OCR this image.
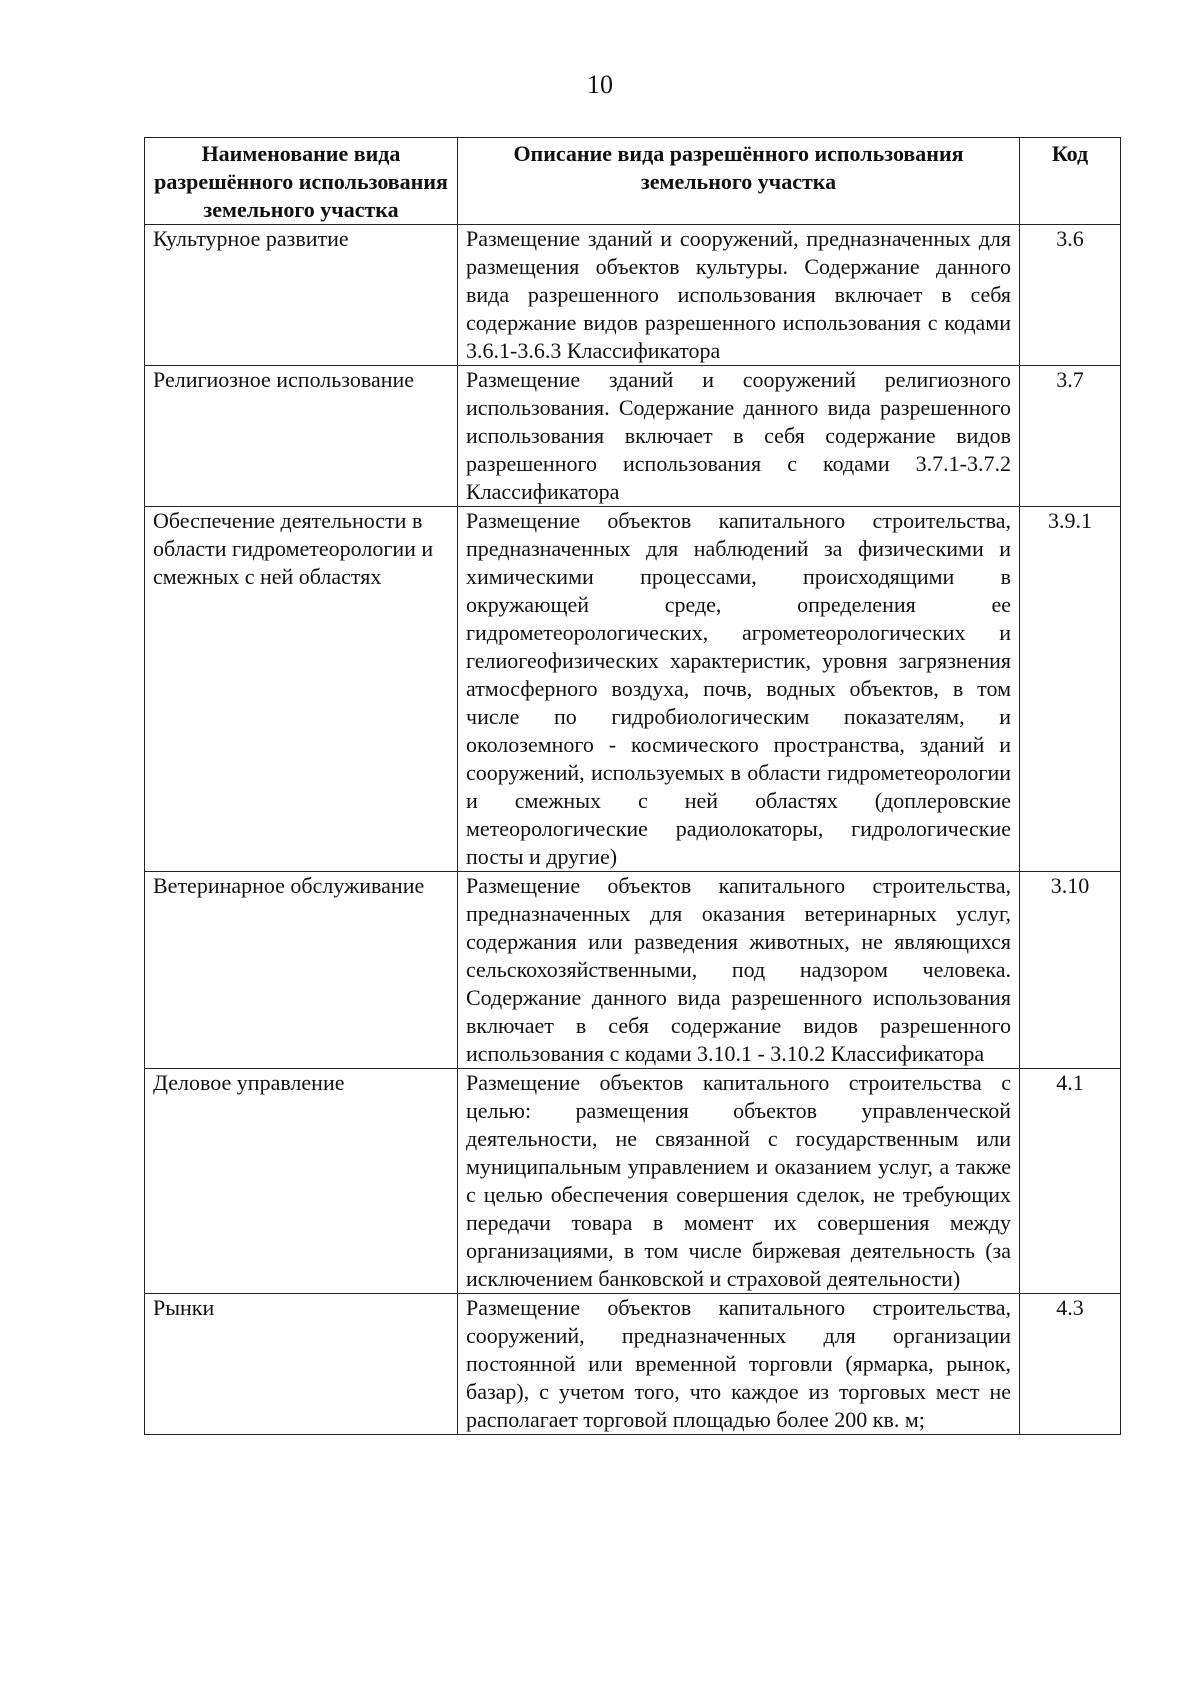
10
Наименование вида разрешённого использования земельного участка	Описание вида разрешённого использования земельного участка	Код
Культурное развитие	Размещение зданий и сооружений, предназначенных для размещения объектов культуры. Содержание данного вида разрешенного использования включает в себя содержание видов разрешенного использования с кодами 3.6.1-3.6.3 Классификатора	3.6
Религиозное использование	Размещение зданий и сооружений религиозного использования. Содержание данного вида разрешенного использования включает в себя содержание видов разрешенного использования с кодами 3.7.1-3.7.2 Классификатора	3.7
Обеспечение деятельности в области гидрометеорологии и смежных с ней областях	Размещение объектов капитального строительства, предназначенных для наблюдений за физическими и химическими процессами, происходящими в окружающей среде, определения ее гидрометеорологических, агрометеорологических и гелиогеофизических характеристик, уровня загрязнения атмосферного воздуха, почв, водных объектов, в том числе по гидробиологическим показателям, и околоземного - космического пространства, зданий и сооружений, используемых в области гидрометеорологии и смежных с ней областях (доплеровские метеорологические радиолокаторы, гидрологические посты и другие)	3.9.1
Ветеринарное обслуживание	Размещение объектов капитального строительства, предназначенных для оказания ветеринарных услуг, содержания или разведения животных, не являющихся сельскохозяйственными, под надзором человека. Содержание данного вида разрешенного использования включает в себя содержание видов разрешенного использования с кодами 3.10.1 - 3.10.2 Классификатора	3.10
Деловое управление	Размещение объектов капитального строительства с целью: размещения объектов управленческой деятельности, не связанной с государственным или муниципальным управлением и оказанием услуг, а также с целью обеспечения совершения сделок, не требующих передачи товара в момент их совершения между организациями, в том числе биржевая деятельность (за исключением банковской и страховой деятельности)	4.1
Рынки	Размещение объектов капитального строительства, сооружений, предназначенных для организации постоянной или временной торговли (ярмарка, рынок, базар), с учетом того, что каждое из торговых мест не располагает торговой площадью более 200 кв. м;	4.3
